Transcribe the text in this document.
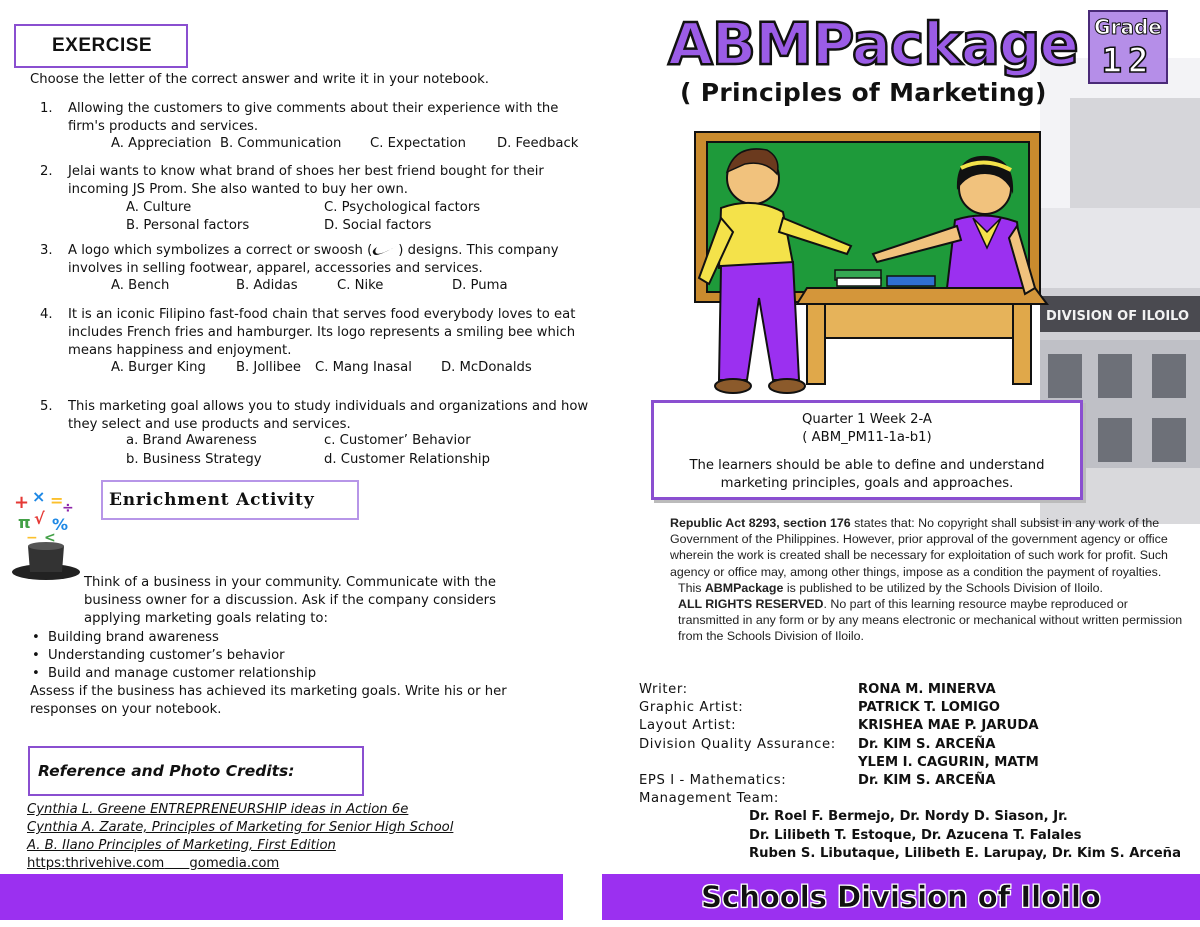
EXERCISE
Choose the letter of the correct answer and write it in your notebook.
1. Allowing the customers to give comments about their experience with the firm's products and services.
A. Appreciation B. Communication C. Expectation D. Feedback
2. Jelai wants to know what brand of shoes her best friend bought for their incoming JS Prom. She also wanted to buy her own.
A. Culture	C. Psychological factors
B. Personal factors	D. Social factors
3. A logo which symbolizes a correct or swoosh ( ) designs. This company involves in selling footwear, apparel, accessories and services.
A. Bench	B. Adidas	C. Nike	D. Puma
4. It is an iconic Filipino fast-food chain that serves food everybody loves to eat includes French fries and hamburger. Its logo represents a smiling bee which means happiness and enjoyment.
A. Burger King B. Jollibee C. Mang Inasal D. McDonalds
5. This marketing goal allows you to study individuals and organizations and how they select and use products and services.
a. Brand Awareness	c. Customer’ Behavior
b. Business Strategy	d. Customer Relationship
+ × =
÷
π √ %
− <
Enrichment Activity
Think of a business in your community. Communicate with the business owner for a discussion. Ask if the company considers applying marketing goals relating to:
• Building brand awareness
• Understanding customer’s behavior
• Build and manage customer relationship
Assess if the business has achieved its marketing goals. Write his or her responses on your notebook.
Reference and Photo Credits:
Cynthia L. Greene ENTREPRENEURSHIP ideas in Action 6e
Cynthia A. Zarate, Principles of Marketing for Senior High School
A. B. Ilano Principles of Marketing, First Edition
https:thrivehive.com gomedia.com
DIVISION OF ILOILO
ABMPackage
( Principles of Marketing)
Grade
12
Quarter 1 Week 2-A
( ABM_PM11-1a-b1)
The learners should be able to define and understand marketing principles, goals and approaches.

Republic Act 8293, section 176 states that: No copyright shall subsist in any work of the Government of the Philippines. However, prior approval of the government agency or office wherein the work is created shall be necessary for exploitation of such work for profit. Such agency or office may, among other things, impose as a condition the payment of royalties.

This ABMPackage is published to be utilized by the Schools Division of Iloilo.

ALL RIGHTS RESERVED. No part of this learning resource maybe reproduced or transmitted in any form or by any means electronic or mechanical without written permission from the Schools Division of Iloilo.

Writer:	RONA M. MINERVA
Graphic Artist:	PATRICK T. LOMIGO
Layout Artist:	KRISHEA MAE P. JARUDA
Division Quality Assurance: Dr. KIM S. ARCEÑA
YLEM I. CAGURIN, MATM
EPS I - Mathematics:	Dr. KIM S. ARCEÑA
Management Team:
Dr. Roel F. Bermejo, Dr. Nordy D. Siason, Jr.
Dr. Lilibeth T. Estoque, Dr. Azucena T. Falales
Ruben S. Libutaque, Lilibeth E. Larupay, Dr. Kim S. Arceña
Schools Division of Iloilo
